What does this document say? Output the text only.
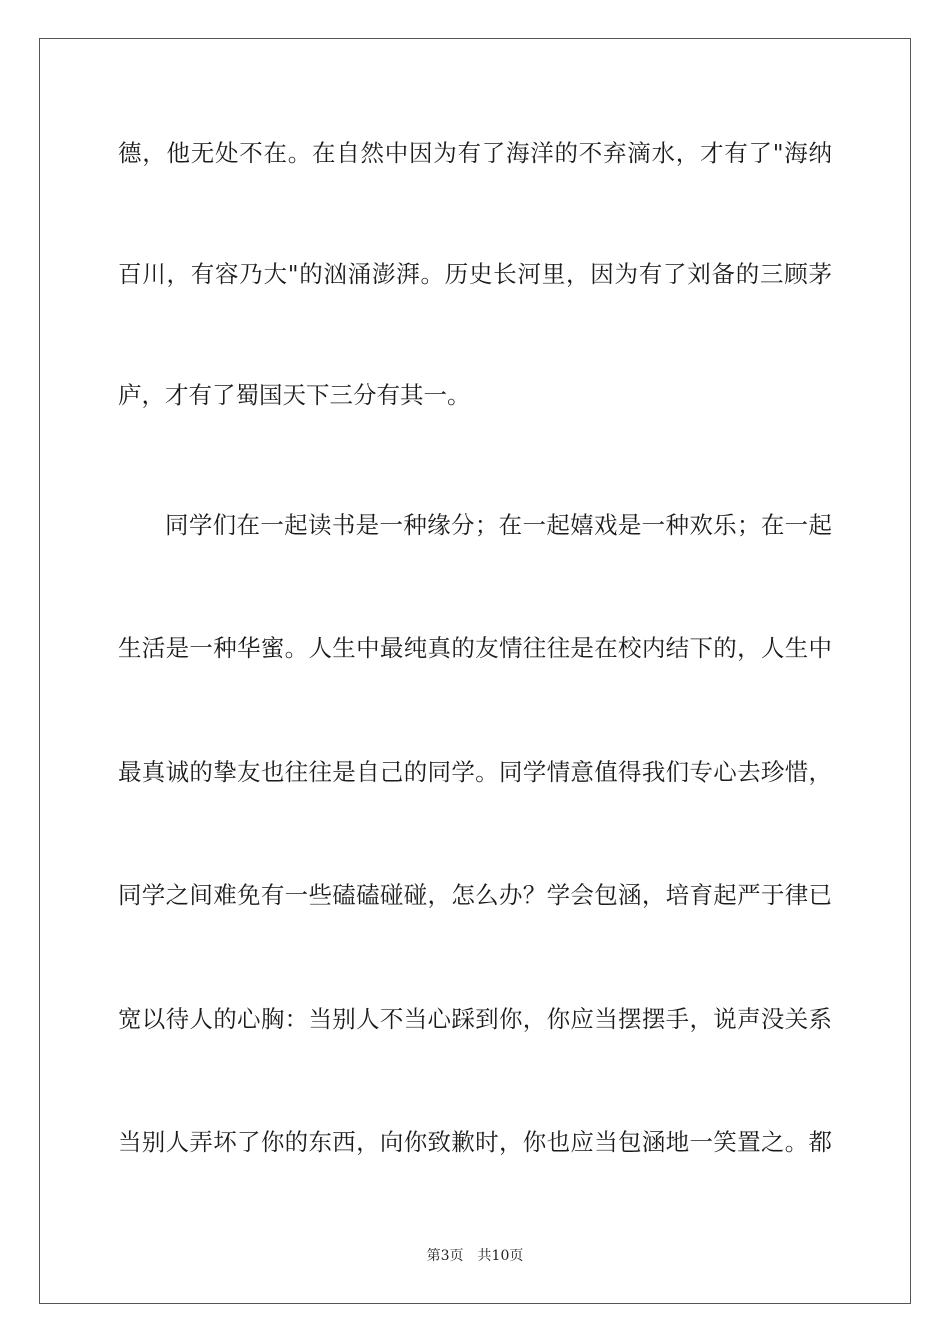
德，他无处不在。在自然中因为有了海洋的不弃滴水，才有了"海纳
百川，有容乃大"的汹涌澎湃。历史长河里，因为有了刘备的三顾茅
庐，才有了蜀国天下三分有其一。
同学们在一起读书是一种缘分；在一起嬉戏是一种欢乐；在一起
生活是一种华蜜。人生中最纯真的友情往往是在校内结下的，人生中
最真诚的挚友也往往是自己的同学。同学情意值得我们专心去珍惜，
同学之间难免有一些磕磕碰碰，怎么办？学会包涵，培育起严于律已
宽以待人的心胸：当别人不当心踩到你，你应当摆摆手，说声没关系
当别人弄坏了你的东西，向你致歉时，你也应当包涵地一笑置之。都
第3页 共10页
